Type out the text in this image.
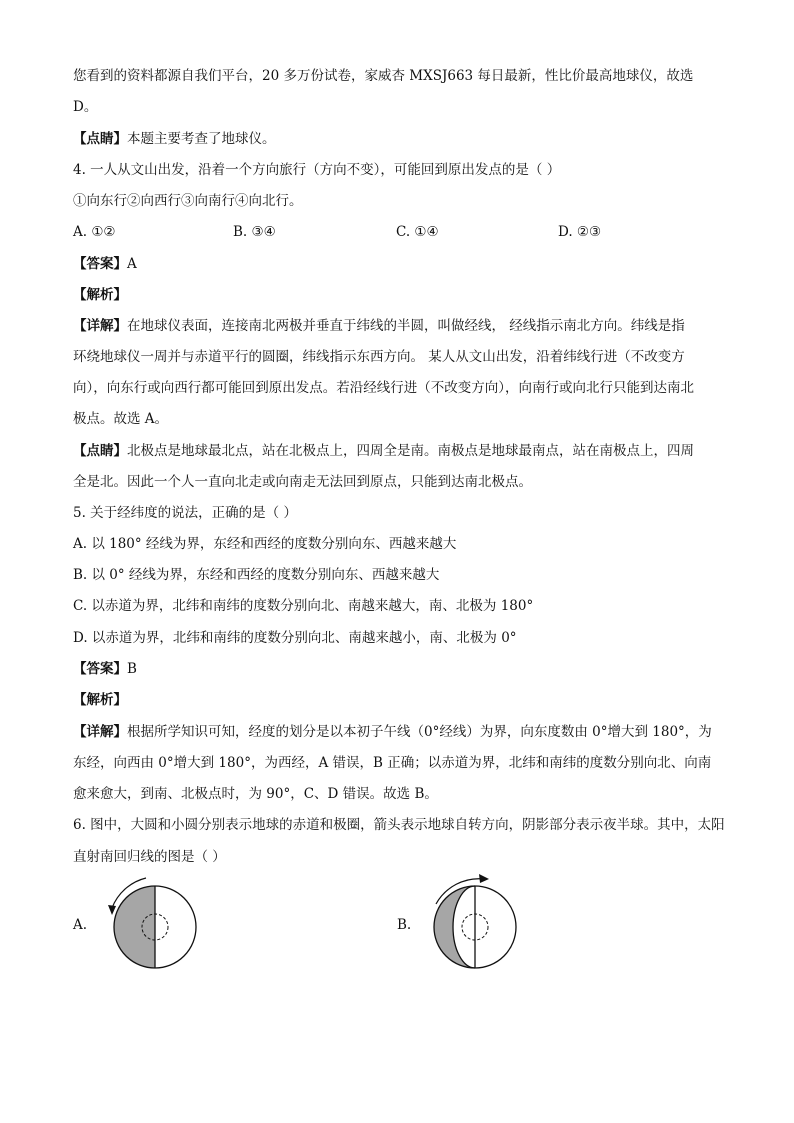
您看到的资料都源自我们平台，20 多万份试卷，家威杏 MXSJ663 每日最新，性比价最高地球仪，故选
D。
【点睛】本题主要考查了地球仪。
4. 一人从文山出发，沿着一个方向旅行（方向不变），可能回到原出发点的是（ ）
①向东行②向西行③向南行④向北行。
A. ①②	B. ③④	C. ①④	D. ②③
【答案】A
【解析】
【详解】在地球仪表面，连接南北两极并垂直于纬线的半圆，叫做经线， 经线指示南北方向。纬线是指
环绕地球仪一周并与赤道平行的圆圈，纬线指示东西方向。 某人从文山出发，沿着纬线行进（不改变方
向），向东行或向西行都可能回到原出发点。若沿经线行进（不改变方向），向南行或向北行只能到达南北
极点。故选 A。
【点睛】北极点是地球最北点，站在北极点上，四周全是南。南极点是地球最南点，站在南极点上，四周
全是北。因此一个人一直向北走或向南走无法回到原点，只能到达南北极点。
5. 关于经纬度的说法，正确的是（ ）
A. 以 180° 经线为界，东经和西经的度数分别向东、西越来越大
B. 以 0° 经线为界，东经和西经的度数分别向东、西越来越大
C. 以赤道为界，北纬和南纬的度数分别向北、南越来越大，南、北极为 180°
D. 以赤道为界，北纬和南纬的度数分别向北、南越来越小，南、北极为 0°
【答案】B
【解析】
【详解】根据所学知识可知，经度的划分是以本初子午线（0°经线）为界，向东度数由 0°增大到 180°，为
东经，向西由 0°增大到 180°，为西经，A 错误，B 正确；以赤道为界，北纬和南纬的度数分别向北、向南
愈来愈大，到南、北极点时，为 90°，C、D 错误。故选 B。
6. 图中，大圆和小圆分别表示地球的赤道和极圈，箭头表示地球自转方向，阴影部分表示夜半球。其中，太阳
直射南回归线的图是（ ）
A.	B.
